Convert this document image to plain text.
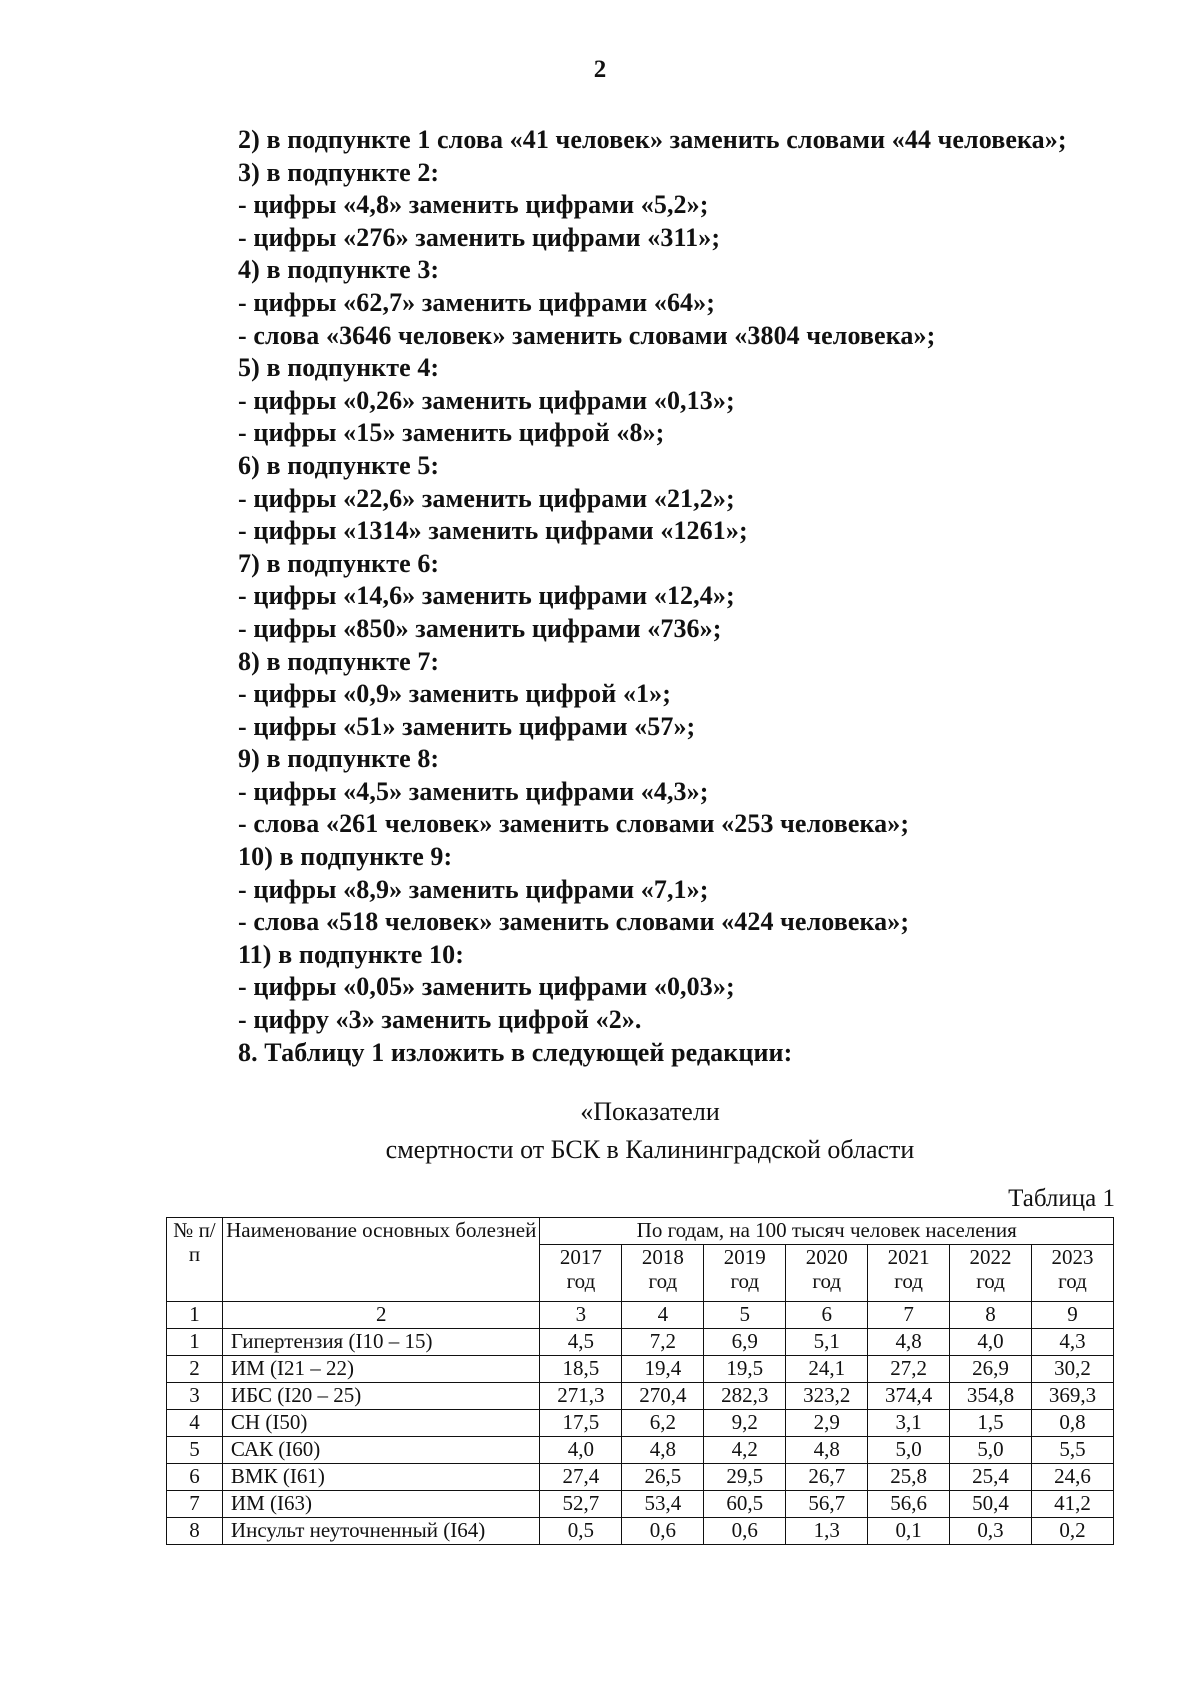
2
2) в подпункте 1 слова «41 человек» заменить словами «44 человека»;
3) в подпункте 2:
- цифры «4,8» заменить цифрами «5,2»;
- цифры «276» заменить цифрами «311»;
4) в подпункте 3:
- цифры «62,7» заменить цифрами «64»;
- слова «3646 человек» заменить словами «3804 человека»;
5) в подпункте 4:
- цифры «0,26» заменить цифрами «0,13»;
- цифры «15» заменить цифрой «8»;
6) в подпункте 5:
- цифры «22,6» заменить цифрами «21,2»;
- цифры «1314» заменить цифрами «1261»;
7) в подпункте 6:
- цифры «14,6» заменить цифрами «12,4»;
- цифры «850» заменить цифрами «736»;
8) в подпункте 7:
- цифры «0,9» заменить цифрой «1»;
- цифры «51» заменить цифрами «57»;
9) в подпункте 8:
- цифры «4,5» заменить цифрами «4,3»;
- слова «261 человек» заменить словами «253 человека»;
10) в подпункте 9:
- цифры «8,9» заменить цифрами «7,1»;
- слова «518 человек» заменить словами «424 человека»;
11) в подпункте 10:
- цифры «0,05» заменить цифрами «0,03»;
- цифру «3» заменить цифрой «2».
8. Таблицу 1 изложить в следующей редакции:
«Показатели
смертности от БСК в Калининградской области
Таблица 1
№ п/п	Наименование основных болезней	По годам, на 100 тысяч человек населения						
		2017 год	2018 год	2019 год	2020 год	2021 год	2022 год	2023 год
1	2	3	4	5	6	7	8	9
1	Гипертензия (I10 – 15)	4,5	7,2	6,9	5,1	4,8	4,0	4,3
2	ИМ (I21 – 22)	18,5	19,4	19,5	24,1	27,2	26,9	30,2
3	ИБС (I20 – 25)	271,3	270,4	282,3	323,2	374,4	354,8	369,3
4	СН (I50)	17,5	6,2	9,2	2,9	3,1	1,5	0,8
5	САК (I60)	4,0	4,8	4,2	4,8	5,0	5,0	5,5
6	ВМК (I61)	27,4	26,5	29,5	26,7	25,8	25,4	24,6
7	ИМ (I63)	52,7	53,4	60,5	56,7	56,6	50,4	41,2
8	Инсульт неуточненный (I64)	0,5	0,6	0,6	1,3	0,1	0,3	0,2
